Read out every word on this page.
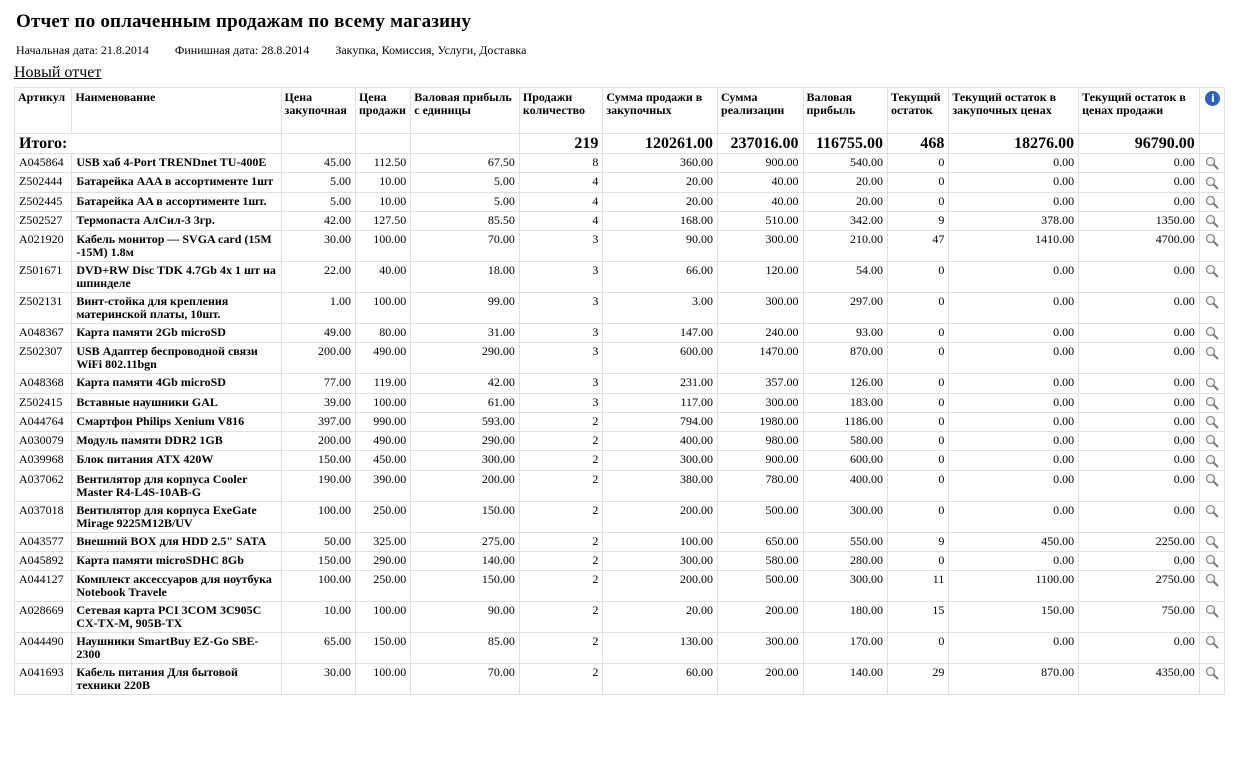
Отчет по оплаченным продажам по всему магазину
Начальная дата: 21.8.2014 Финишная дата: 28.8.2014 Закупка, Комиссия, Услуги, Доставка
Новый отчет
Артикул	Наименование	Цена закупочная	Цена продажи	Валовая прибыль с единицы	Продажи количество	Сумма продажи в закупочных	Сумма реализации	Валовая прибыль	Текущий остаток	Текущий остаток в закупочных ценах	Текущий остаток в ценах продажи	i
Итого:					219	120261.00	237016.00	116755.00	468	18276.00	96790.00	
A045864	USB хаб 4-Port TRENDnet TU-400E	45.00	112.50	67.50	8	360.00	900.00	540.00	0	0.00	0.00	
Z502444	Батарейка AAA в ассортименте 1шт	5.00	10.00	5.00	4	20.00	40.00	20.00	0	0.00	0.00	
Z502445	Батарейка AA в ассортименте 1шт.	5.00	10.00	5.00	4	20.00	40.00	20.00	0	0.00	0.00	
Z502527	Термопаста АлСил-3 3гр.	42.00	127.50	85.50	4	168.00	510.00	342.00	9	378.00	1350.00	
A021920	Кабель монитор — SVGA card (15M -15M) 1.8м	30.00	100.00	70.00	3	90.00	300.00	210.00	47	1410.00	4700.00	
Z501671	DVD+RW Disc TDK 4.7Gb 4x 1 шт на шпинделе	22.00	40.00	18.00	3	66.00	120.00	54.00	0	0.00	0.00	
Z502131	Винт-стойка для крепления материнской платы, 10шт.	1.00	100.00	99.00	3	3.00	300.00	297.00	0	0.00	0.00	
A048367	Карта памяти 2Gb microSD	49.00	80.00	31.00	3	147.00	240.00	93.00	0	0.00	0.00	
Z502307	USB Адаптер беспроводной связи WiFi 802.11bgn	200.00	490.00	290.00	3	600.00	1470.00	870.00	0	0.00	0.00	
A048368	Карта памяти 4Gb microSD	77.00	119.00	42.00	3	231.00	357.00	126.00	0	0.00	0.00	
Z502415	Вставные наушники GAL	39.00	100.00	61.00	3	117.00	300.00	183.00	0	0.00	0.00	
A044764	Смартфон Philips Xenium V816	397.00	990.00	593.00	2	794.00	1980.00	1186.00	0	0.00	0.00	
A030079	Модуль памяти DDR2 1GB	200.00	490.00	290.00	2	400.00	980.00	580.00	0	0.00	0.00	
A039968	Блок питания ATX 420W	150.00	450.00	300.00	2	300.00	900.00	600.00	0	0.00	0.00	
A037062	Вентилятор для корпуса Cooler Master R4-L4S-10AB-G	190.00	390.00	200.00	2	380.00	780.00	400.00	0	0.00	0.00	
A037018	Вентилятор для корпуса ExeGate Mirage 9225M12B/UV	100.00	250.00	150.00	2	200.00	500.00	300.00	0	0.00	0.00	
A043577	Внешний BOX для HDD 2.5" SATA	50.00	325.00	275.00	2	100.00	650.00	550.00	9	450.00	2250.00	
A045892	Карта памяти microSDHC 8Gb	150.00	290.00	140.00	2	300.00	580.00	280.00	0	0.00	0.00	
A044127	Комплект аксессуаров для ноутбука Notebook Travele	100.00	250.00	150.00	2	200.00	500.00	300.00	11	1100.00	2750.00	
A028669	Сетевая карта PCI 3COM 3C905C CX-TX-M, 905B-TX	10.00	100.00	90.00	2	20.00	200.00	180.00	15	150.00	750.00	
A044490	Наушники SmartBuy EZ-Go SBE-2300	65.00	150.00	85.00	2	130.00	300.00	170.00	0	0.00	0.00	
A041693	Кабель питания Для бытовой техники 220В	30.00	100.00	70.00	2	60.00	200.00	140.00	29	870.00	4350.00	
